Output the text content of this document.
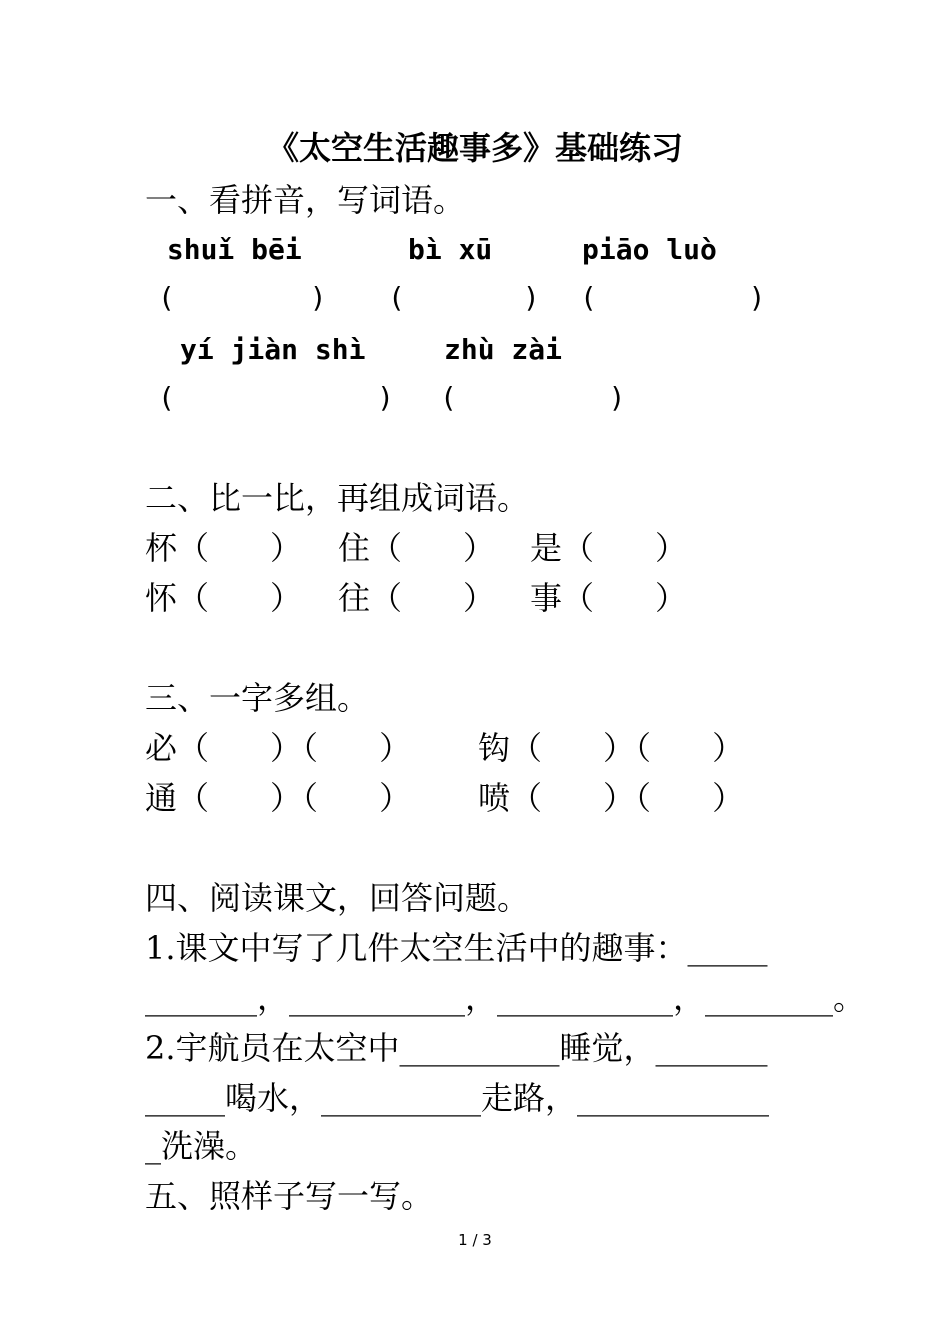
《太空生活趣事多》基础练习
一、看拼音，写词语。
shuǐ bēi	bì xū	piāo luò
(        ) (       ) (         )
yí jiàn shì	zhù zài
(            ) (         )
二、比一比，再组成词语。
杯（      ） 住（      ） 是（      ）
怀（      ） 往（      ） 事（      ）
三、一字多组。
必（      ）（      ） 钩（      ）（      ）
通（      ）（      ） 喷（      ）（      ）
四、阅读课文，回答问题。
1.课文中写了几件太空生活中的趣事：_____
_______，___________，___________，________。
2.宇航员在太空中__________睡觉，_______
_____喝水，__________走路，____________
_洗澡。
五、照样子写一写。
1 / 3
